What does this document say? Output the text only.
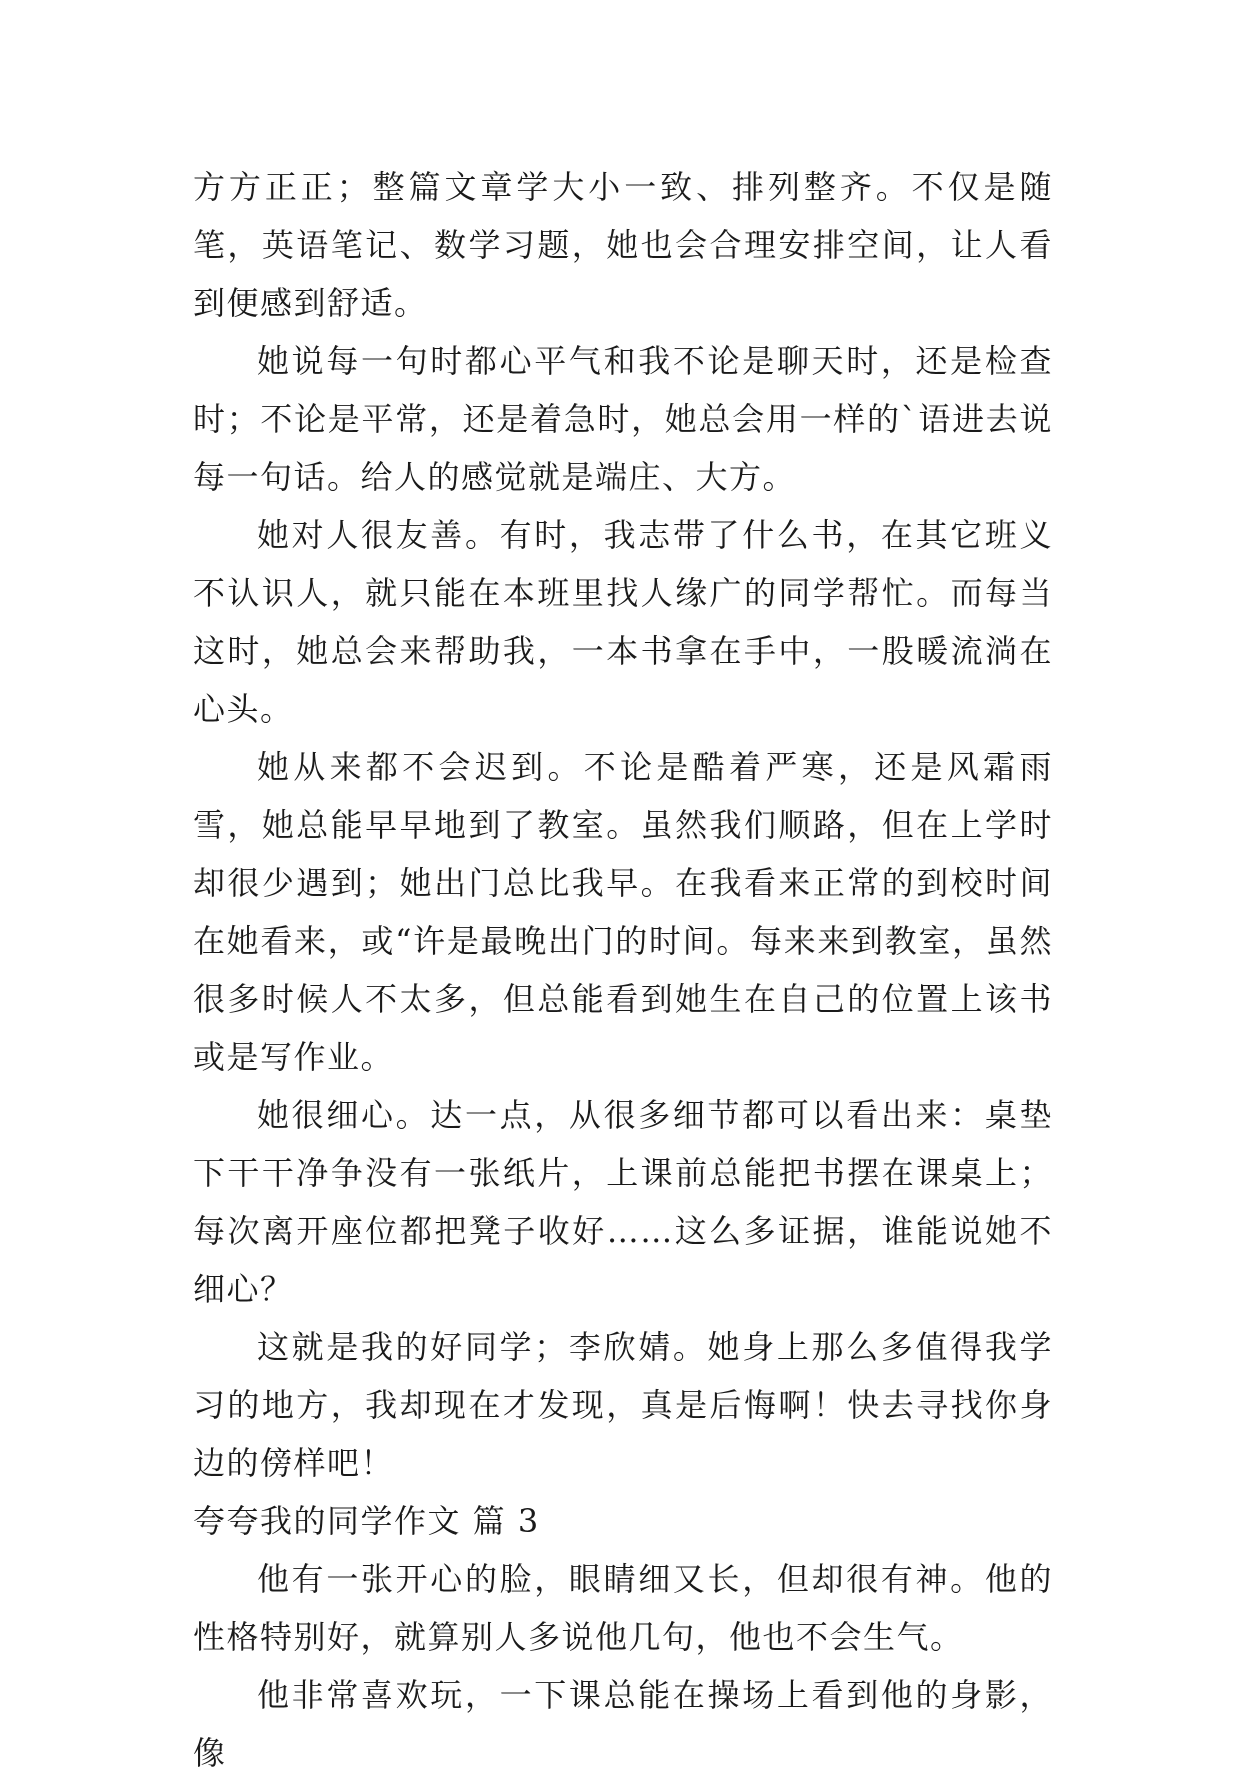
方方正正；整篇文章学大小一致、排列整齐。不仅是随笔，英语笔记、数学习题，她也会合理安排空间，让人看到便感到舒适。

她说每一句时都心平气和我不论是聊天时，还是检查时；不论是平常，还是着急时，她总会用一样的`语进去说每一句话。给人的感觉就是端庄、大方。

她对人很友善。有时，我志带了什么书，在其它班义不认识人，就只能在本班里找人缘广的同学帮忙。而每当这时，她总会来帮助我，一本书拿在手中，一股暖流淌在心头。

她从来都不会迟到。不论是酷着严寒，还是风霜雨雪，她总能早早地到了教室。虽然我们顺路，但在上学时却很少遇到；她出门总比我早。在我看来正常的到校时间在她看来，或“许是最晚出门的时间。每来来到教室，虽然很多时候人不太多，但总能看到她生在自己的位置上该书或是写作业。

她很细心。达一点，从很多细节都可以看出来：桌垫下干干净争没有一张纸片，上课前总能把书摆在课桌上；每次离开座位都把凳子收好……这么多证据，谁能说她不细心？

这就是我的好同学；李欣婧。她身上那么多值得我学习的地方，我却现在才发现，真是后悔啊！快去寻找你身边的傍样吧！

夸夸我的同学作文 篇 3

他有一张开心的脸，眼睛细又长，但却很有神。他的性格特别好，就算别人多说他几句，他也不会生气。

他非常喜欢玩，一下课总能在操场上看到他的身影，像
